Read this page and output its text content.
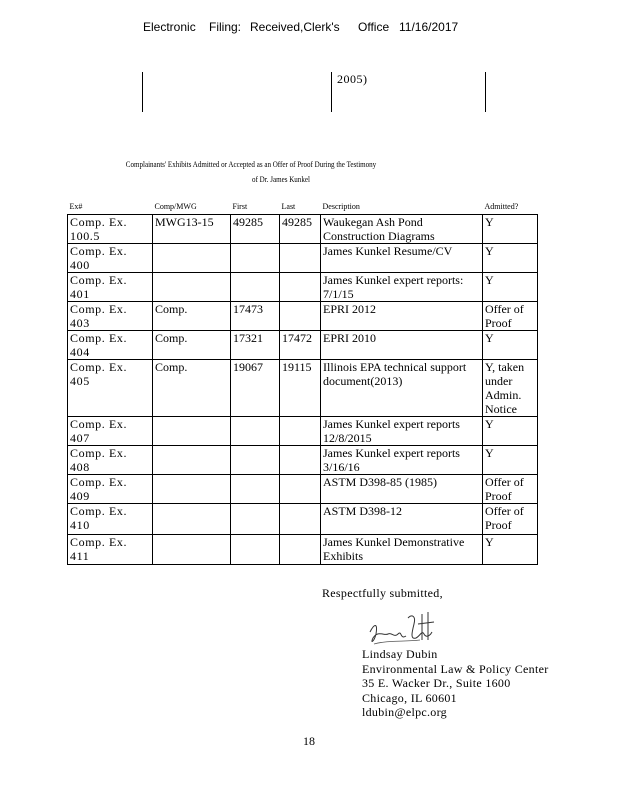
Electronic Filing: Received,Clerk's Office 11/16/2017
2005)
Complainants' Exhibits Admitted or Accepted as an Offer of Proof During the Testimony
of Dr. James Kunkel
Ex#	Comp/MWG	First	Last	Description	Admitted?
Comp. Ex. 100.5	MWG13-15	49285	49285	Waukegan Ash Pond Construction Diagrams	Y
Comp. Ex. 400				James Kunkel Resume/CV	Y
Comp. Ex. 401				James Kunkel expert reports: 7/1/15	Y
Comp. Ex. 403	Comp.	17473		EPRI 2012	Offer of Proof
Comp. Ex. 404	Comp.	17321	17472	EPRI 2010	Y
Comp. Ex. 405	Comp.	19067	19115	Illinois EPA technical support document(2013)	Y, taken under Admin. Notice
Comp. Ex. 407				James Kunkel expert reports 12/8/2015	Y
Comp. Ex. 408				James Kunkel expert reports 3/16/16	Y
Comp. Ex. 409				ASTM D398-85 (1985)	Offer of Proof
Comp. Ex. 410				ASTM D398-12	Offer of Proof
Comp. Ex. 411				James Kunkel Demonstrative Exhibits	Y
Respectfully submitted,
Lindsay Dubin
Environmental Law & Policy Center
35 E. Wacker Dr., Suite 1600
Chicago, IL 60601
ldubin@elpc.org
18
